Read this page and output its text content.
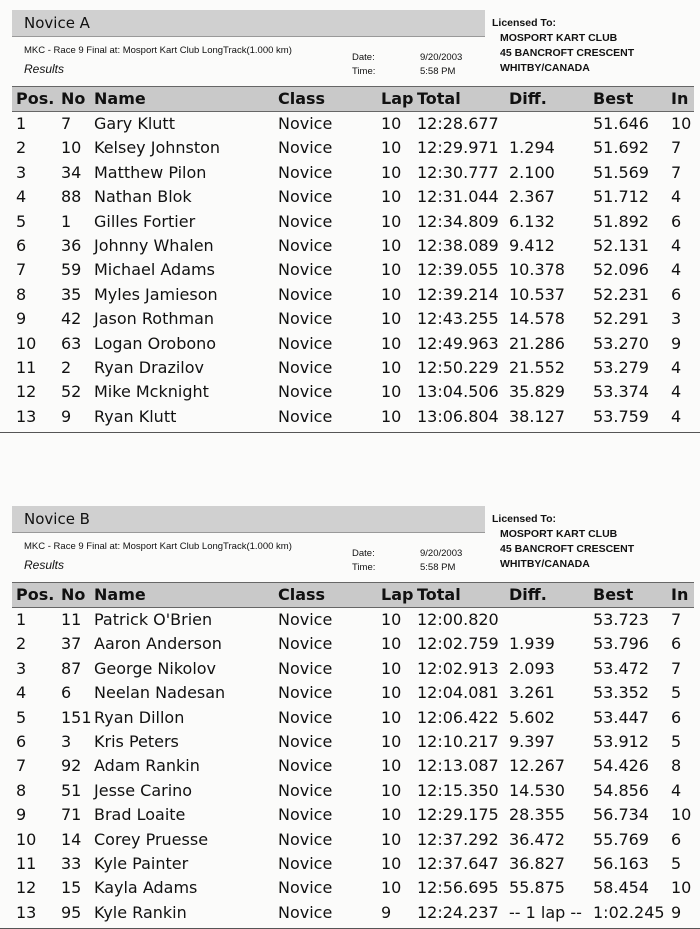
Novice A	Licensed To:
MOSPORT KART CLUB
45 BANCROFT CRESCENT
WHITBY/CANADA
MKC - Race 9 Final at: Mosport Kart Club LongTrack(1.000 km)
Results
Date:	9/20/2003
Time:	5:58 PM
Pos. No Name	Class	Lap Total	Diff.	Best In
1 7 Gary Klutt	Novice	10 12:28.677	51.646 10
2 10 Kelsey Johnston	Novice	10 12:29.971 1.294 51.692 7
3 34 Matthew Pilon	Novice	10 12:30.777 2.100 51.569 7
4 88 Nathan Blok	Novice	10 12:31.044 2.367 51.712 4
5 1 Gilles Fortier	Novice	10 12:34.809 6.132 51.892 6
6 36 Johnny Whalen	Novice	10 12:38.089 9.412 52.131 4
7 59 Michael Adams	Novice	10 12:39.055 10.378 52.096 4
8 35 Myles Jamieson	Novice	10 12:39.214 10.537 52.231 6
9 42 Jason Rothman	Novice	10 12:43.255 14.578 52.291 3
10 63 Logan Orobono	Novice	10 12:49.963 21.286 53.270 9
11 2 Ryan Drazilov	Novice	10 12:50.229 21.552 53.279 4
12 52 Mike Mcknight	Novice	10 13:04.506 35.829 53.374 4
13 9 Ryan Klutt	Novice	10 13:06.804 38.127 53.759 4
Novice B	Licensed To:
MOSPORT KART CLUB
45 BANCROFT CRESCENT
WHITBY/CANADA
MKC - Race 9 Final at: Mosport Kart Club LongTrack(1.000 km)
Results
Date:	9/20/2003
Time:	5:58 PM
Pos. No Name	Class	Lap Total	Diff.	Best In
1 11 Patrick O'Brien	Novice	10 12:00.820	53.723 7
2 37 Aaron Anderson	Novice	10 12:02.759 1.939 53.796 6
3 87 George Nikolov	Novice	10 12:02.913 2.093 53.472 7
4 6 Neelan Nadesan	Novice	10 12:04.081 3.261 53.352 5
5 151 Ryan Dillon	Novice	10 12:06.422 5.602 53.447 6
6 3 Kris Peters	Novice	10 12:10.217 9.397 53.912 5
7 92 Adam Rankin	Novice	10 12:13.087 12.267 54.426 8
8 51 Jesse Carino	Novice	10 12:15.350 14.530 54.856 4
9 71 Brad Loaite	Novice	10 12:29.175 28.355 56.734 10
10 14 Corey Pruesse	Novice	10 12:37.292 36.472 55.769 6
11 33 Kyle Painter	Novice	10 12:37.647 36.827 56.163 5
12 15 Kayla Adams	Novice	10 12:56.695 55.875 58.454 10
13 95 Kyle Rankin	Novice	9 12:24.237 -- 1 lap -- 1:02.245 9
